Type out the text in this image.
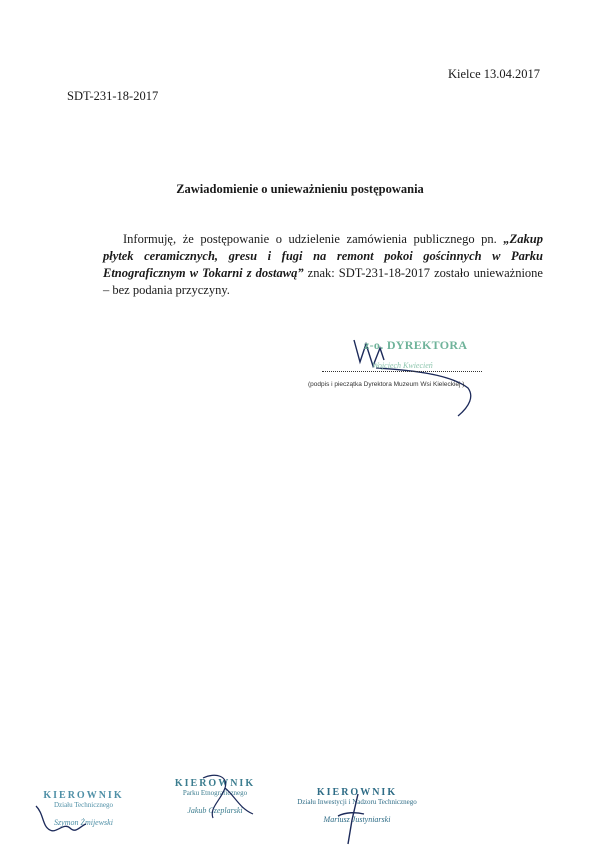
Kielce 13.04.2017
SDT-231-18-2017
Zawiadomienie o unieważnieniu postępowania
Informuję, że postępowanie o udzielenie zamówienia publicznego pn. „Zakup płytek ceramicznych, gresu i fugi na remont pokoi gościnnych w Parku Etnograficznym w Tokarni z dostawą” znak: SDT-231-18-2017 zostało unieważnione – bez podania przyczyny.
z-o. DYREKTORA
Wojciech Kwiecień
(podpis i pieczątka Dyrektora Muzeum Wsi Kieleckiej )
KIEROWNIK
Działu Technicznego
Szymon Żmijewski
KIEROWNIK
Parku Etnograficznego
Jakub Czeplarski
KIEROWNIK
Działu Inwestycji i Nadzoru Technicznego
Mariusz Justyniarski
